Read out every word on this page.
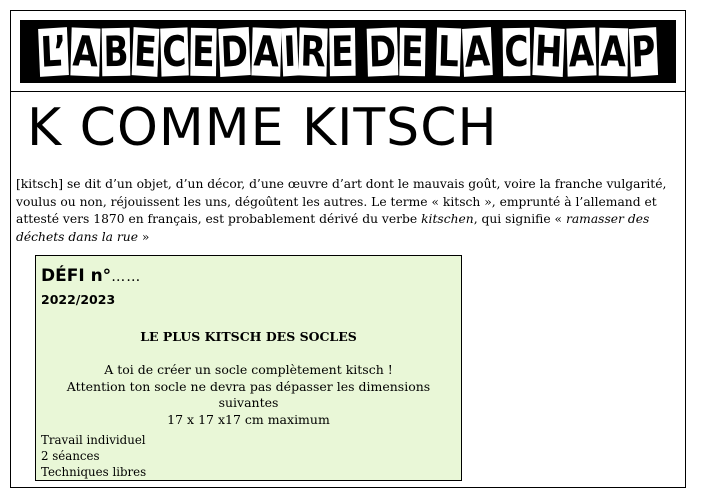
L’ A B E C E D A I R E D E L A C H A A P
K COMME KITSCH

[kitsch] se dit d’un objet, d’un décor, d’une œuvre d’art dont le mauvais goût, voire la franche vulgarité, voulus ou non, réjouissent les uns, dégoûtent les autres. Le terme « kitsch », emprunté à l’allemand et attesté vers 1870 en français, est probablement dérivé du verbe kitschen, qui signifie « ramasser des déchets dans la rue »

DÉFI n°……
2022/2023
LE PLUS KITSCH DES SOCLES
A toi de créer un socle complètement kitsch !
Attention ton socle ne devra pas dépasser les dimensions suivantes
17 x 17 x17 cm maximum
Travail individuel
2 séances
Techniques libres
